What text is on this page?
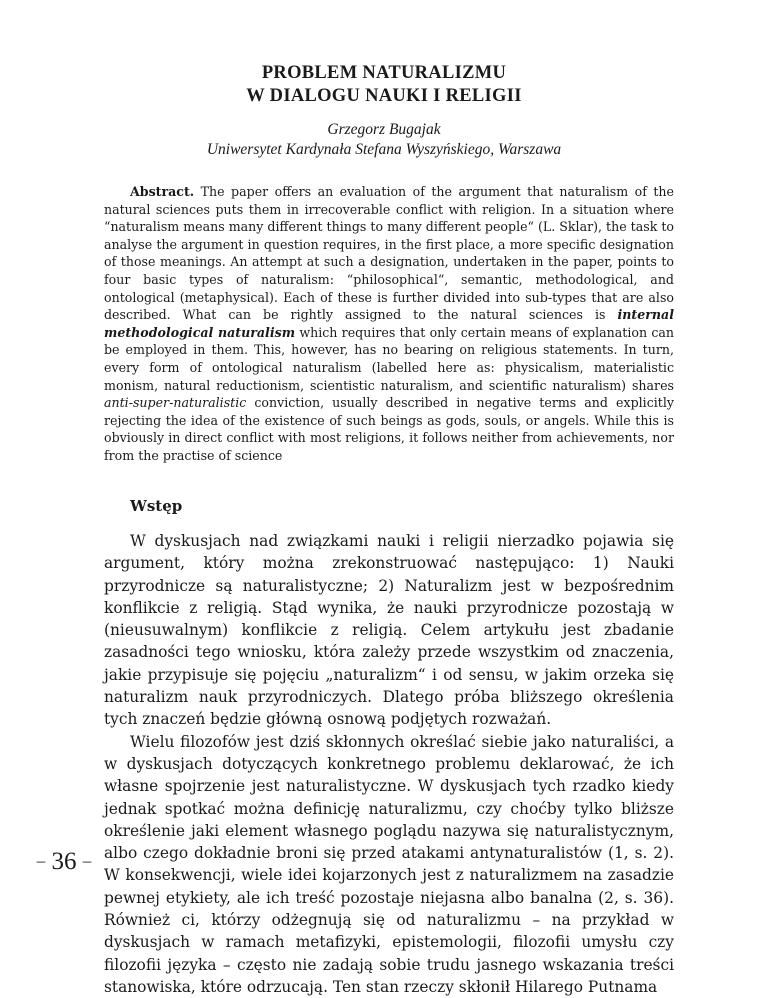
PROBLEM NATURALIZMU
W DIALOGU NAUKI I RELIGII
Grzegorz Bugajak
Uniwersytet Kardynała Stefana Wyszyńskiego, Warszawa

Abstract. The paper offers an evaluation of the argument that naturalism of the natural sciences puts them in irrecoverable conflict with religion. In a situation where “naturalism means many different things to many different people“ (L. Sklar), the task to analyse the argument in question requires, in the first place, a more specific designation of those meanings. An attempt at such a designation, undertaken in the paper, points to four basic types of naturalism: “philosophical“, semantic, methodological, and ontological (metaphysical). Each of these is further divided into sub-types that are also described. What can be rightly assigned to the natural sciences is internal methodological naturalism which requires that only certain means of explanation can be employed in them. This, however, has no bearing on religious statements. In turn, every form of ontological naturalism (labelled here as: physicalism, materialistic monism, natural reductionism, scientistic naturalism, and scientific naturalism) shares anti-super-naturalistic conviction, usually described in negative terms and explicitly rejecting the idea of the existence of such beings as gods, souls, or angels. While this is obviously in direct conflict with most religions, it follows neither from achievements, nor from the practise of science

Wstęp

W dyskusjach nad związkami nauki i religii nierzadko pojawia się argument, który można zrekonstruować następująco: 1) Nauki przyrodnicze są naturalistyczne; 2) Naturalizm jest w bezpośrednim konflikcie z religią. Stąd wynika, że nauki przyrodnicze pozostają w (nieusuwalnym) konflikcie z religią. Celem artykułu jest zbadanie zasadności tego wniosku, która zależy przede wszystkim od znaczenia, jakie przypisuje się pojęciu „naturalizm“ i od sensu, w jakim orzeka się naturalizm nauk przyrodniczych. Dlatego próba bliższego określenia tych znaczeń będzie główną osnową podjętych rozważań.

Wielu filozofów jest dziś skłonnych określać siebie jako naturaliści, a w dyskusjach dotyczących konkretnego problemu deklarować, że ich własne spojrzenie jest naturalistyczne. W dyskusjach tych rzadko kiedy jednak spotkać można definicję naturalizmu, czy choćby tylko bliższe określenie jaki element własnego poglądu nazywa się naturalistycznym, albo czego dokładnie broni się przed atakami antynaturalistów (1, s. 2). W konsekwencji, wiele idei kojarzonych jest z naturalizmem na zasadzie pewnej etykiety, ale ich treść pozostaje niejasna albo banalna (2, s. 36). Również ci, którzy odżegnują się od naturalizmu – na przykład w dyskusjach w ramach metafizyki, epistemologii, filozofii umysłu czy filozofii języka – często nie zadają sobie trudu jasnego wskazania treści stanowiska, które odrzucają. Ten stan rzeczy skłonił Hilarego Putnama

– 36 –
